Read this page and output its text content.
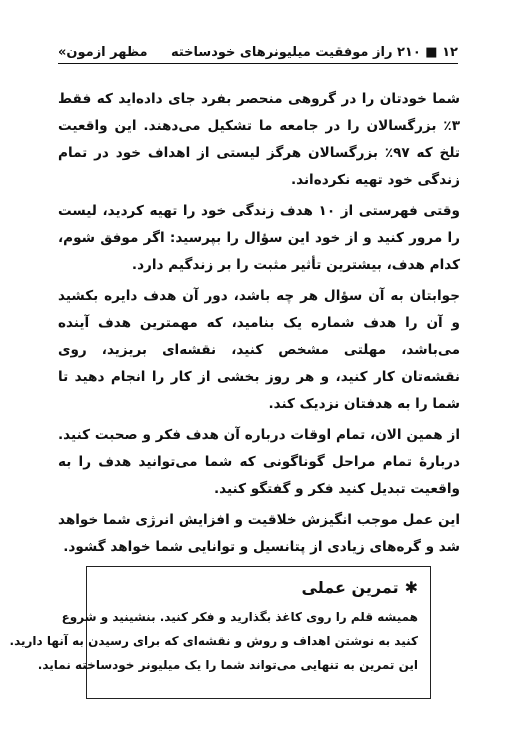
۱۲ ■ ۲۱۰ راز موفقیت میلیونرهای خودساخته
مظهر ازمون»

شما خودتان را در گروهی منحصر بفرد جای داده‌اید که فقط ۳٪ بزرگسالان را در جامعه ما تشکیل می‌دهند. این واقعیت تلخ که ۹۷٪ بزرگسالان هرگز لیستی از اهداف خود در تمام زندگی خود تهیه نکرده‌اند.

وقتی فهرستی از ۱۰ هدف زندگی خود را تهیه کردید، لیست را مرور کنید و از خود این سؤال را بپرسید: اگر موفق شوم، کدام هدف، بیشترین تأثیر مثبت را بر زندگیم دارد.

جوابتان به آن سؤال هر چه باشد، دور آن هدف دایره بکشید و آن را هدف شماره یک بنامید، که مهمترین هدف آینده می‌باشد، مهلتی مشخص کنید، نقشه‌ای بریزید، روی نقشه‌تان کار کنید، و هر روز بخشی از کار را انجام دهید تا شما را به هدفتان نزدیک کند.

از همین الان، تمام اوقات درباره آن هدف فکر و صحبت کنید. دربارهٔ تمام مراحل گوناگونی که شما می‌توانید هدف را به واقعیت تبدیل کنید فکر و گفتگو کنید.

این عمل موجب انگیزش خلاقیت و افزایش انرژی شما خواهد شد و گره‌های زیادی از پتانسیل و توانایی شما خواهد گشود.

✱تمرین عملی
همیشه قلم را روی کاغذ بگذارید و فکر کنید. بنشینید و شروع
کنید به نوشتن اهداف و روش و نقشه‌ای که برای رسیدن به آنها دارید.
این تمرین به تنهایی می‌تواند شما را یک میلیونر خودساخته نماید.
